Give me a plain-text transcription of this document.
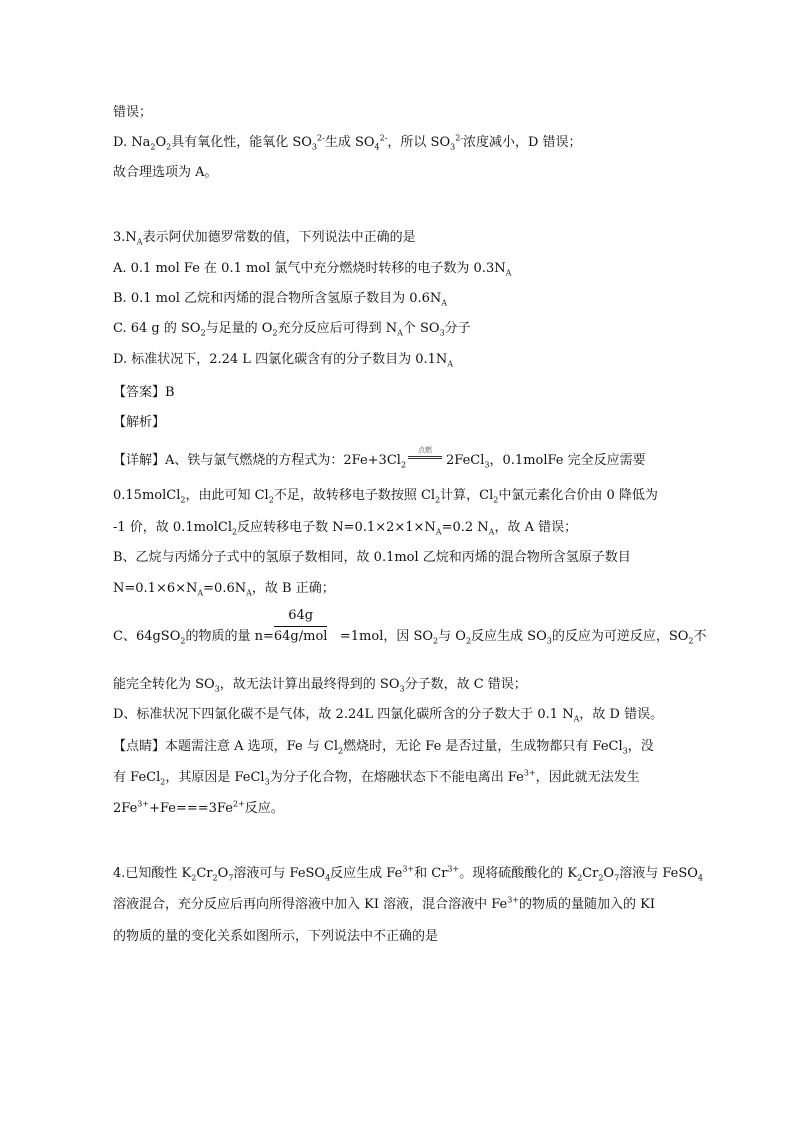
错误；
D. $Na_2O_2$具有氧化性，能氧化 $SO_3^{2-}$生成 $SO_4^{2-}$，所以 $SO_3^{2-}$浓度减小，D 错误；
故合理选项为 A。
$3.N_A$表示阿伏加德罗常数的值，下列说法中正确的是
A. 0.1 mol Fe 在 0.1 mol 氯气中充分燃烧时转移的电子数为 $0.3N_A$
B. 0.1 mol 乙烷和丙烯的混合物所含氢原子数目为 $0.6N_A$
C. 64 g 的 $SO_2$与足量的 $O_2$充分反应后可得到 $N_A$个 $SO_3$分子
D. 标准状况下，2.24 L 四氯化碳含有的分子数目为 $0.1N_A$
【答案】B
【解析】
【详解】A、铁与氯气燃烧的方程式为：$2Fe+3Cl_2$
点燃
2FeCl$_3$，0.1molFe 完全反应需要
0.15molCl$_2$，由此可知 $Cl_2$不足，故转移电子数按照 $Cl_2$计算，$Cl_2$中氯元素化合价由 0 降低为
-1 价，故 0.1molCl$_2$反应转移电子数 $N=0.1\times 2\times 1\times N_A=0.2$ $N_A$，故 A 错误；
B、乙烷与丙烯分子式中的氢原子数相同，故 0.1mol 乙烷和丙烯的混合物所含氢原子数目
$N=0.1\times 6\times N_A=0.6N_A$，故 B 正确；
C、64gSO$_2$的物质的量 n=
64g
64g/mol =1mol，因 $SO_2$与 $O_2$反应生成 $SO_3$的反应为可逆反应，$SO_2$不
能完全转化为 $SO_3$，故无法计算出最终得到的 $SO_3$分子数，故 C 错误；
D、标准状况下四氯化碳不是气体，故 2.24L 四氯化碳所含的分子数大于 0.1 $N_A$，故 D 错误。
【点睛】本题需注意 A 选项，Fe 与 $Cl_2$燃烧时，无论 Fe 是否过量，生成物都只有 FeCl$_3$，没
有 FeCl$_2$，其原因是 FeCl$_3$为分子化合物，在熔融状态下不能电离出 $Fe^{3+}$，因此就无法发生
$2Fe^{3+}+Fe===3Fe^{2+}$反应。
4.已知酸性 $K_2Cr_2O_7$溶液可与 FeSO$_4$反应生成 $Fe^{3+}$和 $Cr^{3+}$。现将硫酸酸化的 $K_2Cr_2O_7$溶液与 FeSO$_4$
溶液混合，充分反应后再向所得溶液中加入 KI 溶液，混合溶液中 $Fe^{3+}$的物质的量随加入的 KI
的物质的量的变化关系如图所示，下列说法中不正确的是
